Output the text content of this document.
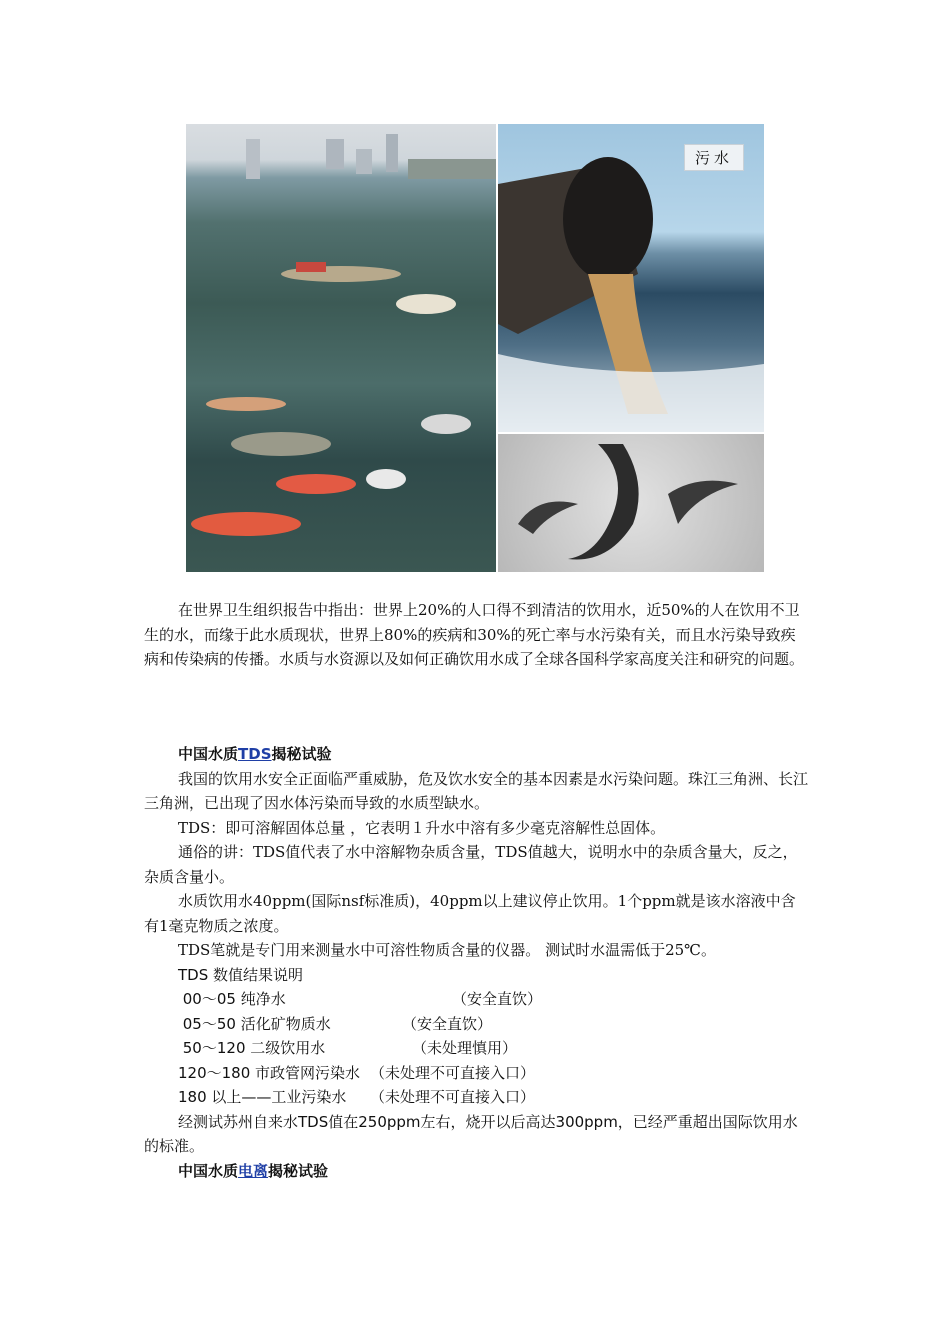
污水

在世界卫生组织报告中指出：世界上20%的人口得不到清洁的饮用水，近50%的人在饮用不卫生的水，而缘于此水质现状，世界上80%的疾病和30%的死亡率与水污染有关，而且水污染导致疾病和传染病的传播。水质与水资源以及如何正确饮用水成了全球各国科学家高度关注和研究的问题。

中国水质TDS揭秘试验

我国的饮用水安全正面临严重威胁，危及饮水安全的基本因素是水污染问题。珠江三角洲、长江三角洲，已出现了因水体污染而导致的水质型缺水。

TDS：即可溶解固体总量 ，它表明１升水中溶有多少毫克溶解性总固体。

通俗的讲：TDS值代表了水中溶解物杂质含量，TDS值越大，说明水中的杂质含量大，反之，杂质含量小。

水质饮用水40ppm(国际nsf标准质)，40ppm以上建议停止饮用。1个ppm就是该水溶液中含有1毫克物质之浓度。

TDS笔就是专门用来测量水中可溶性物质含量的仪器。 测试时水温需低于25℃。

TDS 数值结果说明

00～05 纯净水	（安全直饮）
05～50 活化矿物质水	（安全直饮）
50～120 二级饮用水	（未处理慎用）
120～180 市政管网污染水 （未处理不可直接入口）
180 以上——工业污染水 （未处理不可直接入口）

经测试苏州自来水TDS值在250ppm左右，烧开以后高达300ppm，已经严重超出国际饮用水的标准。

中国水质电离揭秘试验
